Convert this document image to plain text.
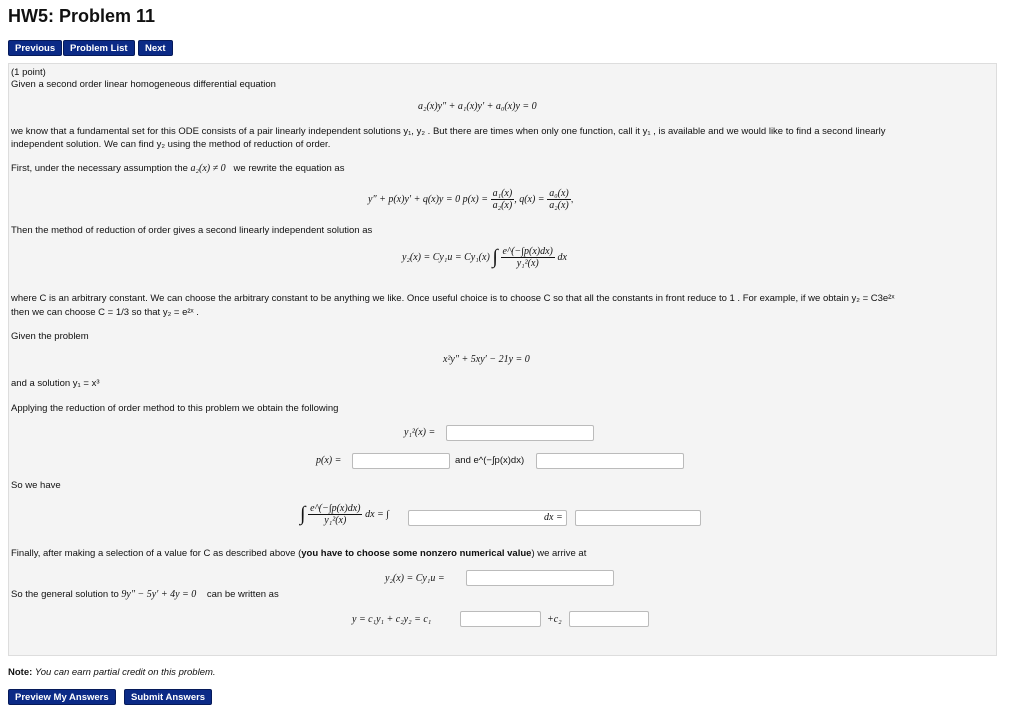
HW5: Problem 11
Previous	Problem List	Next
(1 point)
Given a second order linear homogeneous differential equation
a₂(x)y″ + a₁(x)y′ + a₀(x)y = 0
we know that a fundamental set for this ODE consists of a pair linearly independent solutions y₁, y₂ . But there are times when only one function, call it y₁ , is available and we would like to find a second linearly
independent solution. We can find y₂ using the method of reduction of order.
First, under the necessary assumption the a₂(x) ≠ 0 we rewrite the equation as
y″ + p(x)y′ + q(x)y = 0 $p(x) = \frac{\text{a₁(x)}}{\text{a₂(x)}}$ , $q(x) = \frac{\text{a₀(x)}}{\text{a₂(x)}}$ ,
Then the method of reduction of order gives a second linearly independent solution as
y₂(x) = Cy₁u = Cy₁(x) ∫ $\frac{e\^{}(-\int p(x)dx)}{\text{y₁²(x)}}$ dx
where C is an arbitrary constant. We can choose the arbitrary constant to be anything we like. Once useful choice is to choose C so that all the constants in front reduce to 1 . For example, if we obtain y₂ = C3e²ˣ
then we can choose C = 1/3 so that y₂ = e²ˣ .
Given the problem
x²y″ + 5xy′ − 21y = 0
and a solution y₁ = x³
Applying the reduction of order method to this problem we obtain the following
y₁²(x) =
p(x) =	and e^(−∫p(x)dx)
So we have
∫ $\frac{e\^{}(-\int p(x)dx)}{\text{y₁²(x)}}$ dx = ∫	dx =
Finally, after making a selection of a value for C as described above (you have to choose some nonzero numerical value) we arrive at
y₂(x) = Cy₁u =
So the general solution to 9y″ − 5y′ + 4y = 0 can be written as
y = c₁y₁ + c₂y₂ = c₁	+c₂
Note: You can earn partial credit on this problem.
Preview My Answers	Submit Answers
